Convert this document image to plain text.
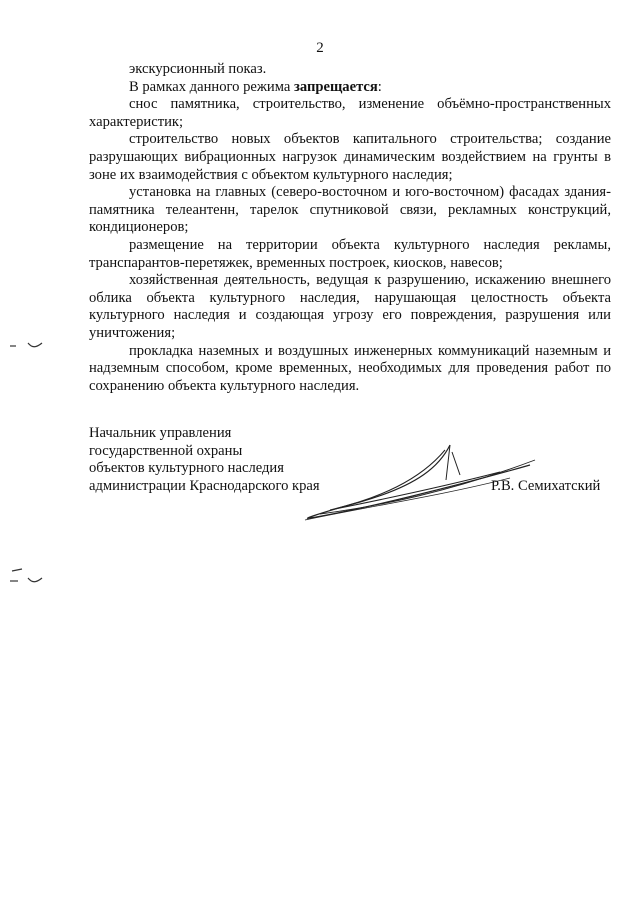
2

экскурсионный показ.

В рамках данного режима запрещается:

снос памятника, строительство, изменение объёмно-пространственных характеристик;

строительство новых объектов капитального строительства; создание разрушающих вибрационных нагрузок динамическим воздействием на грунты в зоне их взаимодействия с объектом культурного наследия;

установка на главных (северо-восточном и юго-восточном) фасадах здания-памятника телеантенн, тарелок спутниковой связи, рекламных конструкций, кондиционеров;

размещение на территории объекта культурного наследия рекламы, транспарантов-перетяжек, временных построек, киосков, навесов;

хозяйственная деятельность, ведущая к разрушению, искажению внешнего облика объекта культурного наследия, нарушающая целостность объекта культурного наследия и создающая угрозу его повреждения, разрушения или уничтожения;

прокладка наземных и воздушных инженерных коммуникаций наземным и надземным способом, кроме временных, необходимых для проведения работ по сохранению объекта культурного наследия.

Начальник управления
государственной охраны
объектов культурного наследия
администрации Краснодарского края	Р.В. Семихатский
